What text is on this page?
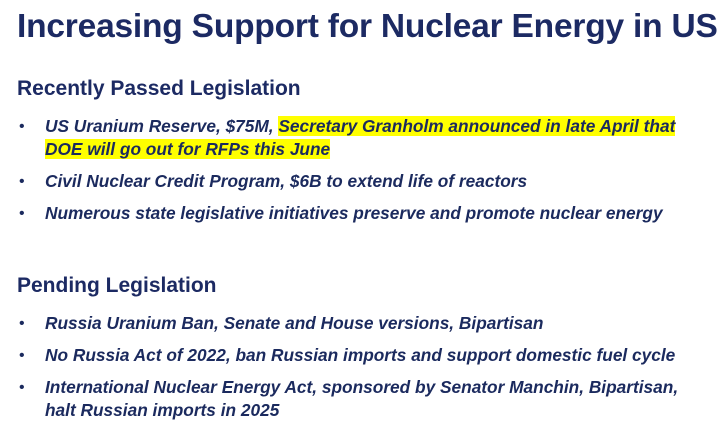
Increasing Support for Nuclear Energy in US
Recently Passed Legislation
• US Uranium Reserve, $75M, Secretary Granholm announced in late April that DOE will go out for RFPs this June
• Civil Nuclear Credit Program, $6B to extend life of reactors
• Numerous state legislative initiatives preserve and promote nuclear energy
Pending Legislation
• Russia Uranium Ban, Senate and House versions, Bipartisan
• No Russia Act of 2022, ban Russian imports and support domestic fuel cycle
• International Nuclear Energy Act, sponsored by Senator Manchin, Bipartisan, halt Russian imports in 2025
